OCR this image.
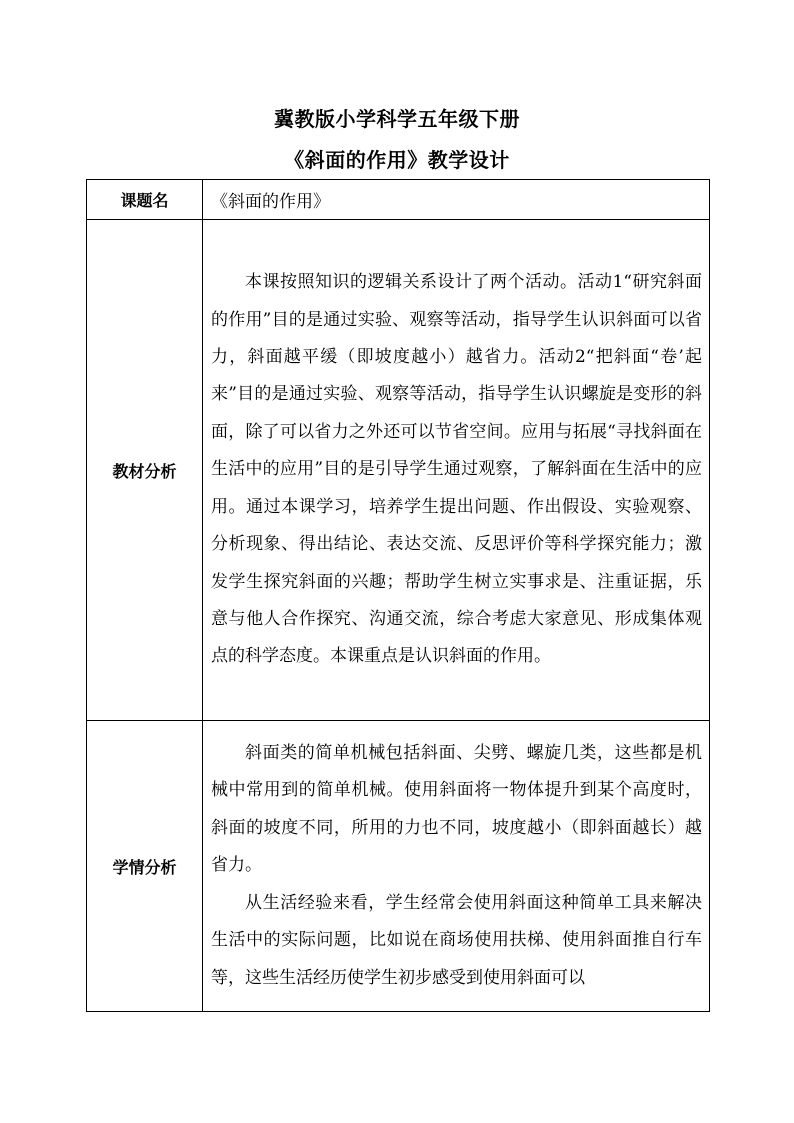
冀教版小学科学五年级下册
《斜面的作用》教学设计
课题名	《斜面的作用》
教材分析	本课按照知识的逻辑关系设计了两个活动。活动1“研究斜面的作用”目的是通过实验、观察等活动，指导学生认识斜面可以省力，斜面越平缓（即坡度越小）越省力。活动2“把斜面“卷’起来”目的是通过实验、观察等活动，指导学生认识螺旋是变形的斜面，除了可以省力之外还可以节省空间。应用与拓展“寻找斜面在生活中的应用”目的是引导学生通过观察，了解斜面在生活中的应用。通过本课学习，培养学生提出问题、作出假设、实验观察、分析现象、得出结论、表达交流、反思评价等科学探究能力；激发学生探究斜面的兴趣；帮助学生树立实事求是、注重证据，乐意与他人合作探究、沟通交流，综合考虑大家意见、形成集体观点的科学态度。本课重点是认识斜面的作用。

学情分析	斜面类的简单机械包括斜面、尖劈、螺旋几类，这些都是机械中常用到的简单机械。使用斜面将一物体提升到某个高度时，斜面的坡度不同，所用的力也不同，坡度越小（即斜面越长）越省力。

从生活经验来看，学生经常会使用斜面这种简单工具来解决生活中的实际问题，比如说在商场使用扶梯、使用斜面推自行车等，这些生活经历使学生初步感受到使用斜面可以
